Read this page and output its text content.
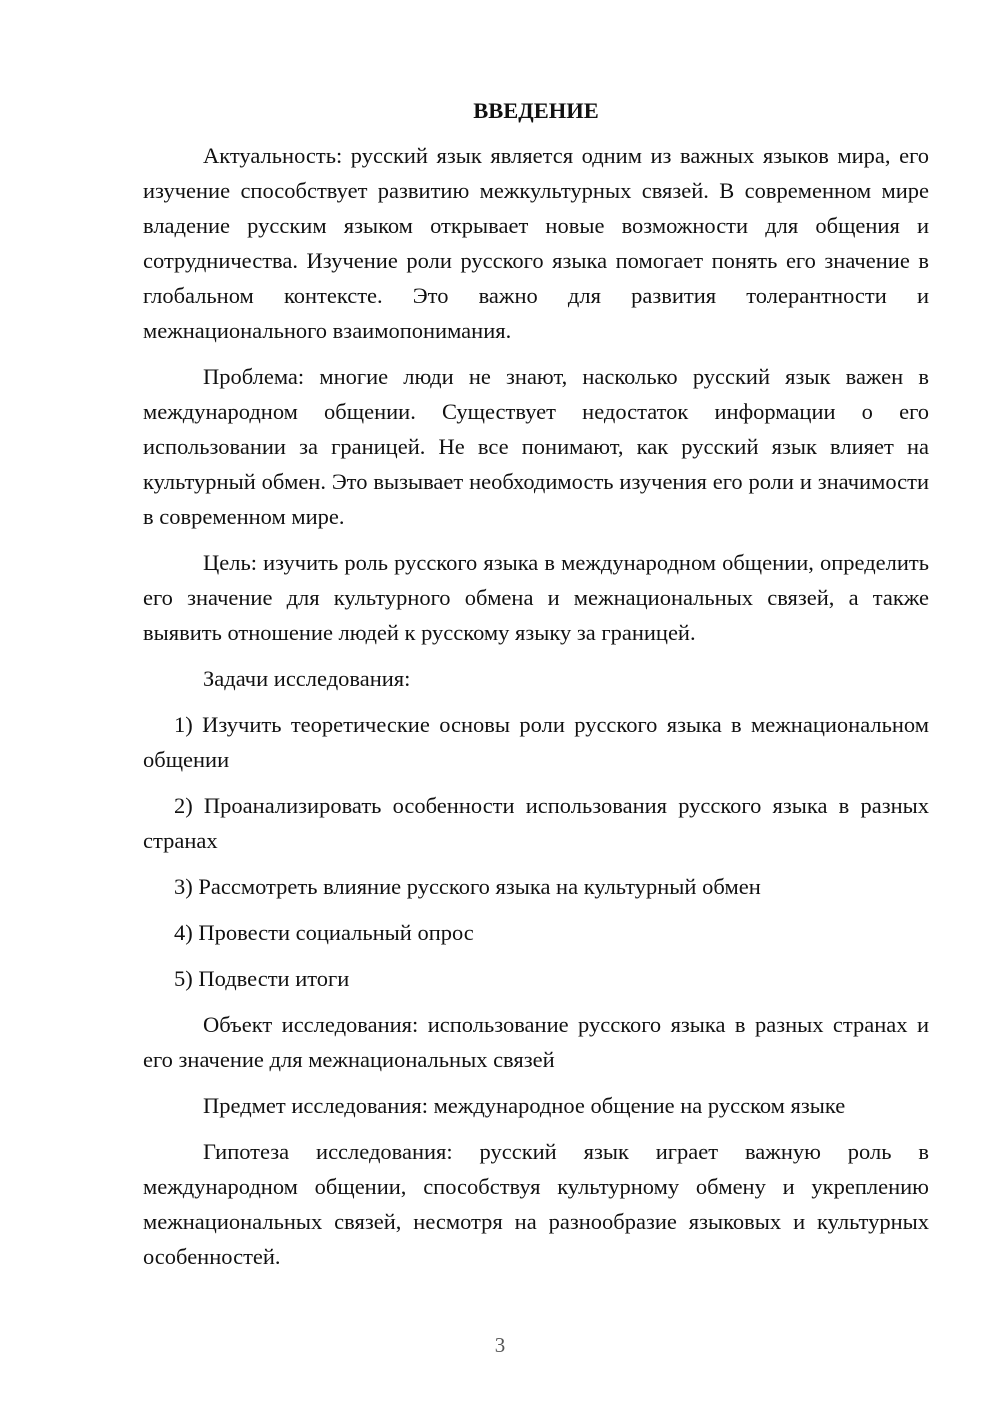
ВВЕДЕНИЕ

Актуальность: русский язык является одним из важных языков мира, его изучение способствует развитию межкультурных связей. В современном мире владение русским языком открывает новые возможности для общения и сотрудничества. Изучение роли русского языка помогает понять его значение в глобальном контексте. Это важно для развития толерантности и межнационального взаимопонимания.

Проблема: многие люди не знают, насколько русский язык важен в международном общении. Существует недостаток информации о его использовании за границей. Не все понимают, как русский язык влияет на культурный обмен. Это вызывает необходимость изучения его роли и значимости в современном мире.

Цель: изучить роль русского языка в международном общении, определить его значение для культурного обмена и межнациональных связей, а также выявить отношение людей к русскому языку за границей.

Задачи исследования:

1) Изучить теоретические основы роли русского языка в межнациональном общении

2) Проанализировать особенности использования русского языка в разных странах

3) Рассмотреть влияние русского языка на культурный обмен

4) Провести социальный опрос

5) Подвести итоги

Объект исследования: использование русского языка в разных странах и его значение для межнациональных связей

Предмет исследования: международное общение на русском языке

Гипотеза исследования: русский язык играет важную роль в международном общении, способствуя культурному обмену и укреплению межнациональных связей, несмотря на разнообразие языковых и культурных особенностей.

3
